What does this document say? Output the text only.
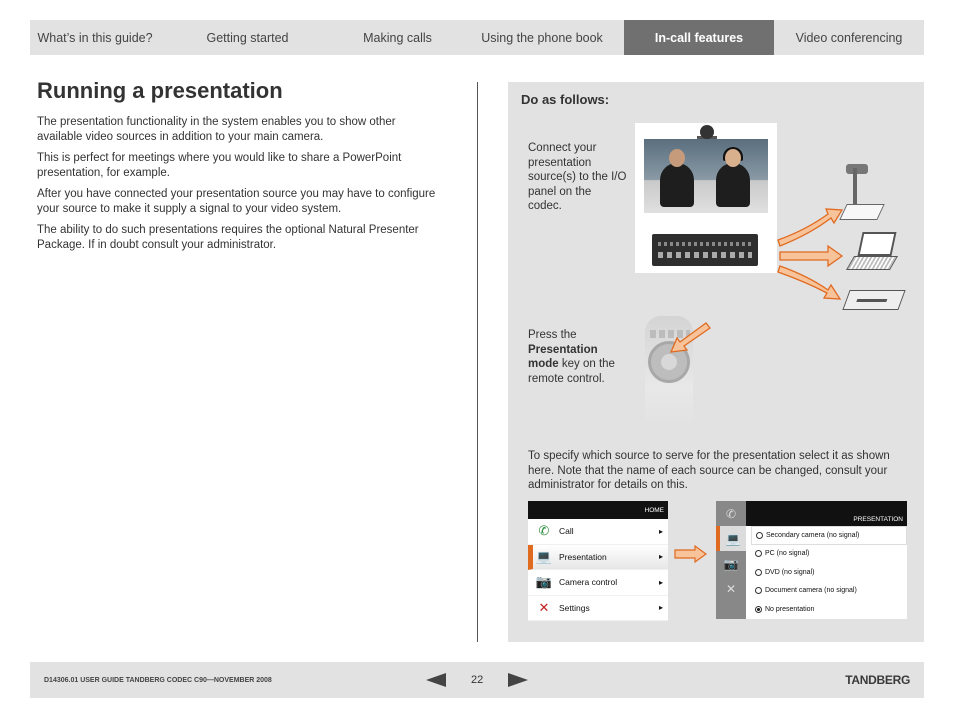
What’s in this guide?	Getting started	Making calls	Using the phone book	In-call features	Video conferencing
Running a presentation

The presentation functionality in the system enables you to show other available video sources in addition to your main camera.

This is perfect for meetings where you would like to share a PowerPoint presentation, for example.

After you have connected your presentation source you may have to configure your source to make it supply a signal to your video system.

The ability to do such presentations requires the optional Natural Presenter Package. If in doubt consult your administrator.

Do as follows:
Connect your presentation source(s) to the I/O panel on the codec.
Press the
Presentation mode key on the remote control.
To specify which source to serve for the presentation select it as shown here. Note that the name of each source can be changed, consult your administrator for details on this.
HOME
✆	Call	▸
💻 Presentation	▸
📷 Camera control	▸
✕	Settings	▸
✆
💻
📷
✕
PRESENTATION
Secondary camera (no signal)
PC (no signal)
DVD (no signal)
Document camera (no signal)
No presentation
D14306.01 USER GUIDE TANDBERG CODEC C90—NOVEMBER 2008	22	TANDBERG
